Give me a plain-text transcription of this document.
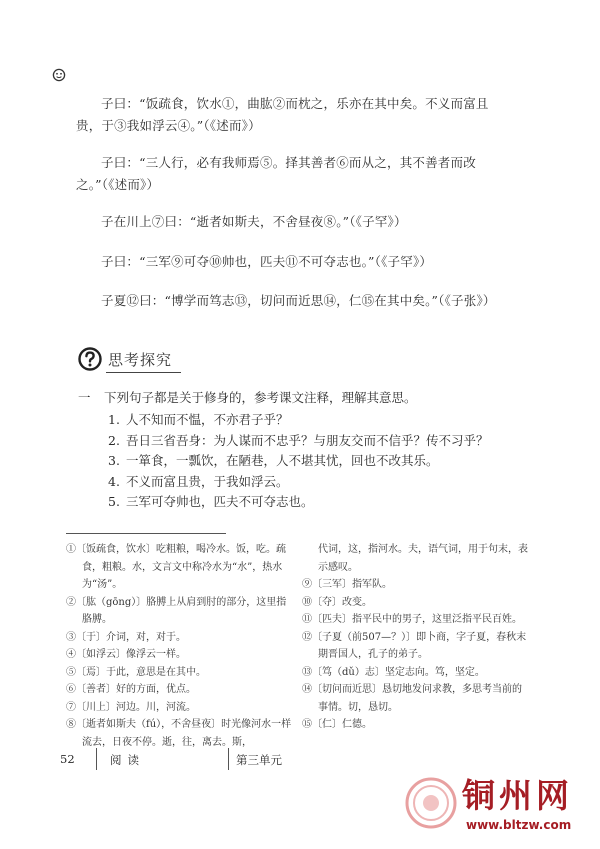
子曰：“饭疏食，饮水①，曲肱②而枕之，乐亦在其中矣。不义而富且贵，于③我如浮云④。”（《述而》）

子曰：“三人行，必有我师焉⑤。择其善者⑥而从之，其不善者而改之。”（《述而》）

子在川上⑦曰：“逝者如斯夫，不舍昼夜⑧。”（《子罕》）

子曰：“三军⑨可夺⑩帅也，匹夫⑪不可夺志也。”（《子罕》）

子夏⑫曰：“博学而笃志⑬，切问而近思⑭，仁⑮在其中矣。”（《子张》）

思考探究
一 下列句子都是关于修身的，参考课文注释，理解其意思。
1. 人不知而不愠，不亦君子乎？
2. 吾日三省吾身：为人谋而不忠乎？与朋友交而不信乎？传不习乎？
3. 一箪食，一瓢饮，在陋巷，人不堪其忧，回也不改其乐。
4. 不义而富且贵，于我如浮云。
5. 三军可夺帅也，匹夫不可夺志也。
①〔饭疏食，饮水〕吃粗粮，喝冷水。饭，吃。疏食，粗粮。水，文言文中称冷水为“水”，热水为“汤”。
②〔肱（gōng）〕胳膊上从肩到肘的部分，这里指胳膊。
③〔于〕介词，对，对于。
④〔如浮云〕像浮云一样。
⑤〔焉〕于此，意思是在其中。
⑥〔善者〕好的方面，优点。
⑦〔川上〕河边。川，河流。
⑧〔逝者如斯夫（fú），不舍昼夜〕时光像河水一样流去，日夜不停。逝，往，离去。斯，
代词，这，指河水。夫，语气词，用于句末，表示感叹。
⑨〔三军〕指军队。
⑩〔夺〕改变。
⑪〔匹夫〕指平民中的男子，这里泛指平民百姓。
⑫〔子夏（前507—？）〕即卜商，字子夏，春秋末期晋国人，孔子的弟子。
⑬〔笃（dǔ）志〕坚定志向。笃，坚定。
⑭〔切问而近思〕恳切地发问求教，多思考当前的事情。切，恳切。
⑮〔仁〕仁德。
52	阅读	第三单元
铜州网
www.bltzw.com
